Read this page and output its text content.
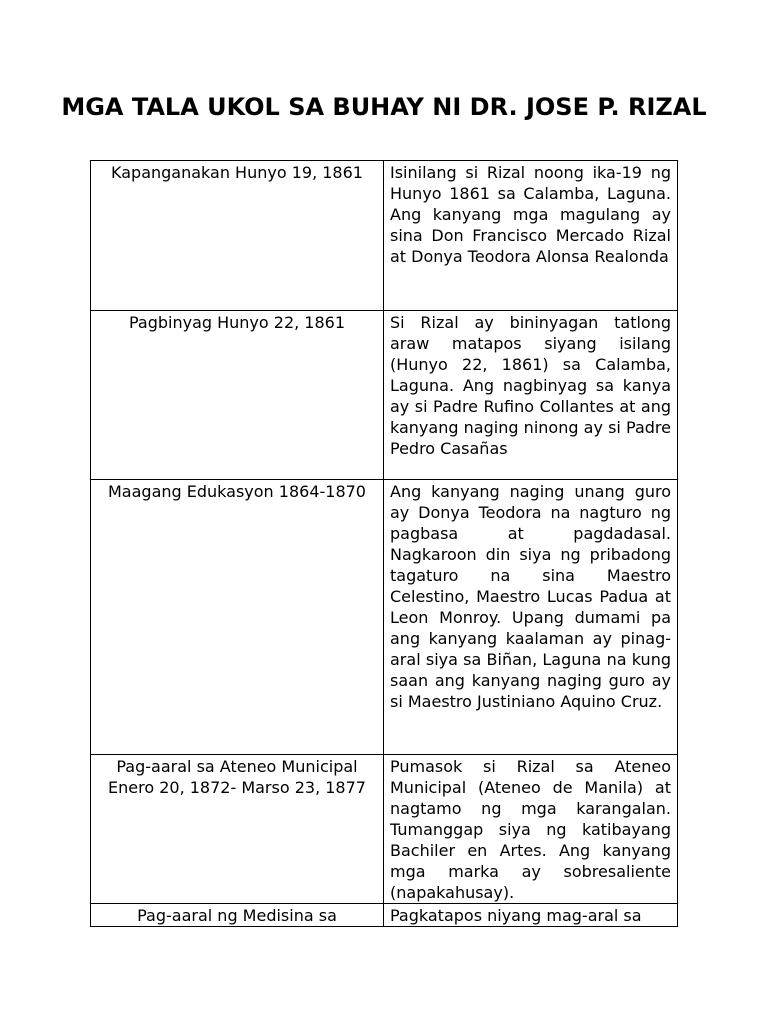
MGA TALA UKOL SA BUHAY NI DR. JOSE P. RIZAL
Kapanganakan Hunyo 19, 1861	Isinilang si Rizal noong ika-19 ng Hunyo 1861 sa Calamba, Laguna. Ang kanyang mga magulang ay sina Don Francisco Mercado Rizal at Donya Teodora Alonsa Realonda
Pagbinyag Hunyo 22, 1861	Si Rizal ay bininyagan tatlong araw matapos siyang isilang (Hunyo 22, 1861) sa Calamba, Laguna. Ang nagbinyag sa kanya ay si Padre Rufino Collantes at ang kanyang naging ninong ay si Padre Pedro Casañas
Maagang Edukasyon 1864-1870	Ang kanyang naging unang guro ay Donya Teodora na nagturo ng pagbasa at pagdadasal. Nagkaroon din siya ng pribadong tagaturo na sina Maestro Celestino, Maestro Lucas Padua at Leon Monroy. Upang dumami pa ang kanyang kaalaman ay pinag-aral siya sa Biñan, Laguna na kung saan ang kanyang naging guro ay si Maestro Justiniano Aquino Cruz.
Pag-aaral sa Ateneo Municipal Enero 20, 1872- Marso 23, 1877	Pumasok si Rizal sa Ateneo Municipal (Ateneo de Manila) at nagtamo ng mga karangalan. Tumanggap siya ng katibayang Bachiler en Artes. Ang kanyang mga marka ay sobresaliente (napakahusay).
Pag-aaral ng Medisina sa	Pagkatapos niyang mag-aral sa
